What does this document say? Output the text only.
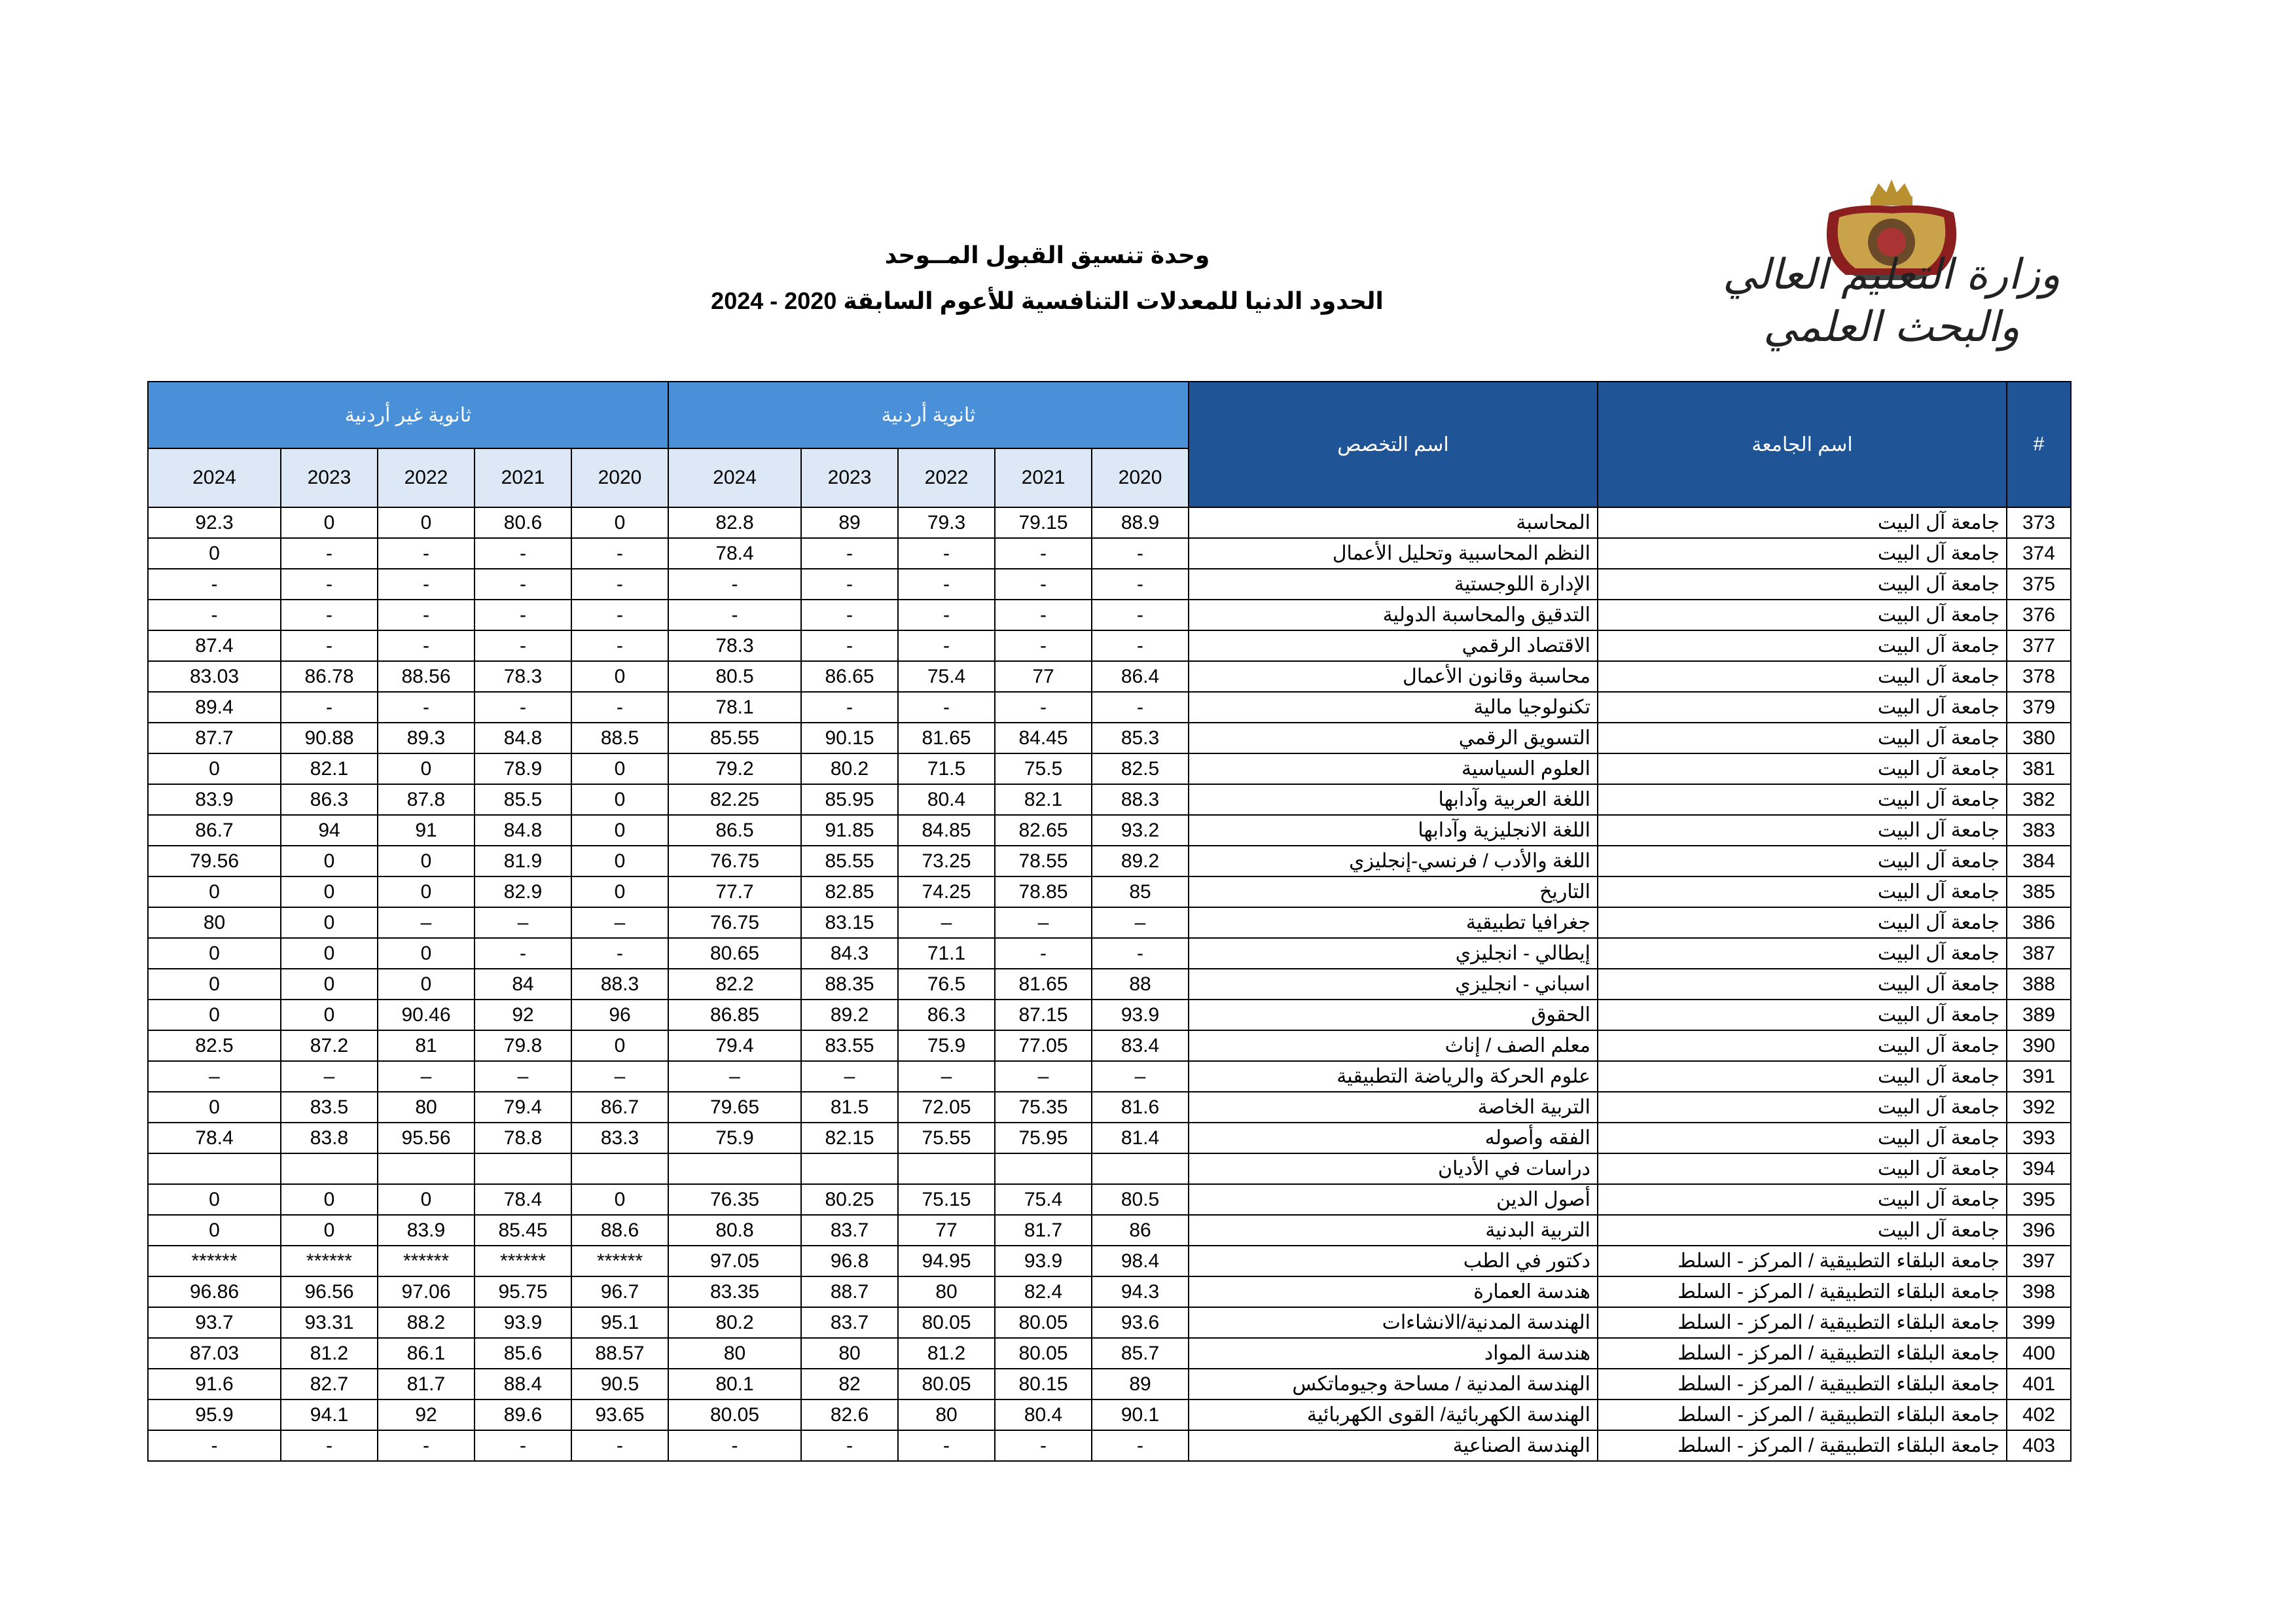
وحدة تنسيق القبول المــوحد
الحدود الدنيا للمعدلات التنافسية للأعوم السابقة 2020 - 2024
وزارة التعليم العالي والبحث العلمي
ثانوية غير أردنية					ثانوية أردنية					اسم التخصص	اسم الجامعة	#
2024	2023	2022	2021	2020	2024	2023	2022	2021	2020			
92.3	0	0	80.6	0	82.8	89	79.3	79.15	88.9	المحاسبة	جامعة آل البيت	373
0	-	-	-	-	78.4	-	-	-	-	النظم المحاسبية وتحليل الأعمال	جامعة آل البيت	374
-	-	-	-	-	-	-	-	-	-	الإدارة اللوجستية	جامعة آل البيت	375
-	-	-	-	-	-	-	-	-	-	التدقيق والمحاسبة الدولية	جامعة آل البيت	376
87.4	-	-	-	-	78.3	-	-	-	-	الاقتصاد الرقمي	جامعة آل البيت	377
83.03	86.78	88.56	78.3	0	80.5	86.65	75.4	77	86.4	محاسبة وقانون الأعمال	جامعة آل البيت	378
89.4	-	-	-	-	78.1	-	-	-	-	تكنولوجيا مالية	جامعة آل البيت	379
87.7	90.88	89.3	84.8	88.5	85.55	90.15	81.65	84.45	85.3	التسويق الرقمي	جامعة آل البيت	380
0	82.1	0	78.9	0	79.2	80.2	71.5	75.5	82.5	العلوم السياسية	جامعة آل البيت	381
83.9	86.3	87.8	85.5	0	82.25	85.95	80.4	82.1	88.3	اللغة العربية وآدابها	جامعة آل البيت	382
86.7	94	91	84.8	0	86.5	91.85	84.85	82.65	93.2	اللغة الانجليزية وآدابها	جامعة آل البيت	383
79.56	0	0	81.9	0	76.75	85.55	73.25	78.55	89.2	اللغة والأدب / فرنسي-إنجليزي	جامعة آل البيت	384
0	0	0	82.9	0	77.7	82.85	74.25	78.85	85	التاريخ	جامعة آل البيت	385
80	0	–	–	–	76.75	83.15	–	–	–	جغرافيا تطبيقية	جامعة آل البيت	386
0	0	0	-	-	80.65	84.3	71.1	-	-	إيطالي - انجليزي	جامعة آل البيت	387
0	0	0	84	88.3	82.2	88.35	76.5	81.65	88	اسباني - انجليزي	جامعة آل البيت	388
0	0	90.46	92	96	86.85	89.2	86.3	87.15	93.9	الحقوق	جامعة آل البيت	389
82.5	87.2	81	79.8	0	79.4	83.55	75.9	77.05	83.4	معلم الصف / إناث	جامعة آل البيت	390
–	–	–	–	–	–	–	–	–	–	علوم الحركة والرياضة التطبيقية	جامعة آل البيت	391
0	83.5	80	79.4	86.7	79.65	81.5	72.05	75.35	81.6	التربية الخاصة	جامعة آل البيت	392
78.4	83.8	95.56	78.8	83.3	75.9	82.15	75.55	75.95	81.4	الفقه وأصوله	جامعة آل البيت	393
										دراسات في الأديان	جامعة آل البيت	394
0	0	0	78.4	0	76.35	80.25	75.15	75.4	80.5	أصول الدين	جامعة آل البيت	395
0	0	83.9	85.45	88.6	80.8	83.7	77	81.7	86	التربية البدنية	جامعة آل البيت	396
******	******	******	******	******	97.05	96.8	94.95	93.9	98.4	دكتور في الطب	جامعة البلقاء التطبيقية / المركز - السلط	397
96.86	96.56	97.06	95.75	96.7	83.35	88.7	80	82.4	94.3	هندسة العمارة	جامعة البلقاء التطبيقية / المركز - السلط	398
93.7	93.31	88.2	93.9	95.1	80.2	83.7	80.05	80.05	93.6	الهندسة المدنية/الانشاءات	جامعة البلقاء التطبيقية / المركز - السلط	399
87.03	81.2	86.1	85.6	88.57	80	80	81.2	80.05	85.7	هندسة المواد	جامعة البلقاء التطبيقية / المركز - السلط	400
91.6	82.7	81.7	88.4	90.5	80.1	82	80.05	80.15	89	الهندسة المدنية / مساحة وجيوماتكس	جامعة البلقاء التطبيقية / المركز - السلط	401
95.9	94.1	92	89.6	93.65	80.05	82.6	80	80.4	90.1	الهندسة الكهربائية/ القوى الكهربائية	جامعة البلقاء التطبيقية / المركز - السلط	402
-	-	-	-	-	-	-	-	-	-	الهندسة الصناعية	جامعة البلقاء التطبيقية / المركز - السلط	403
